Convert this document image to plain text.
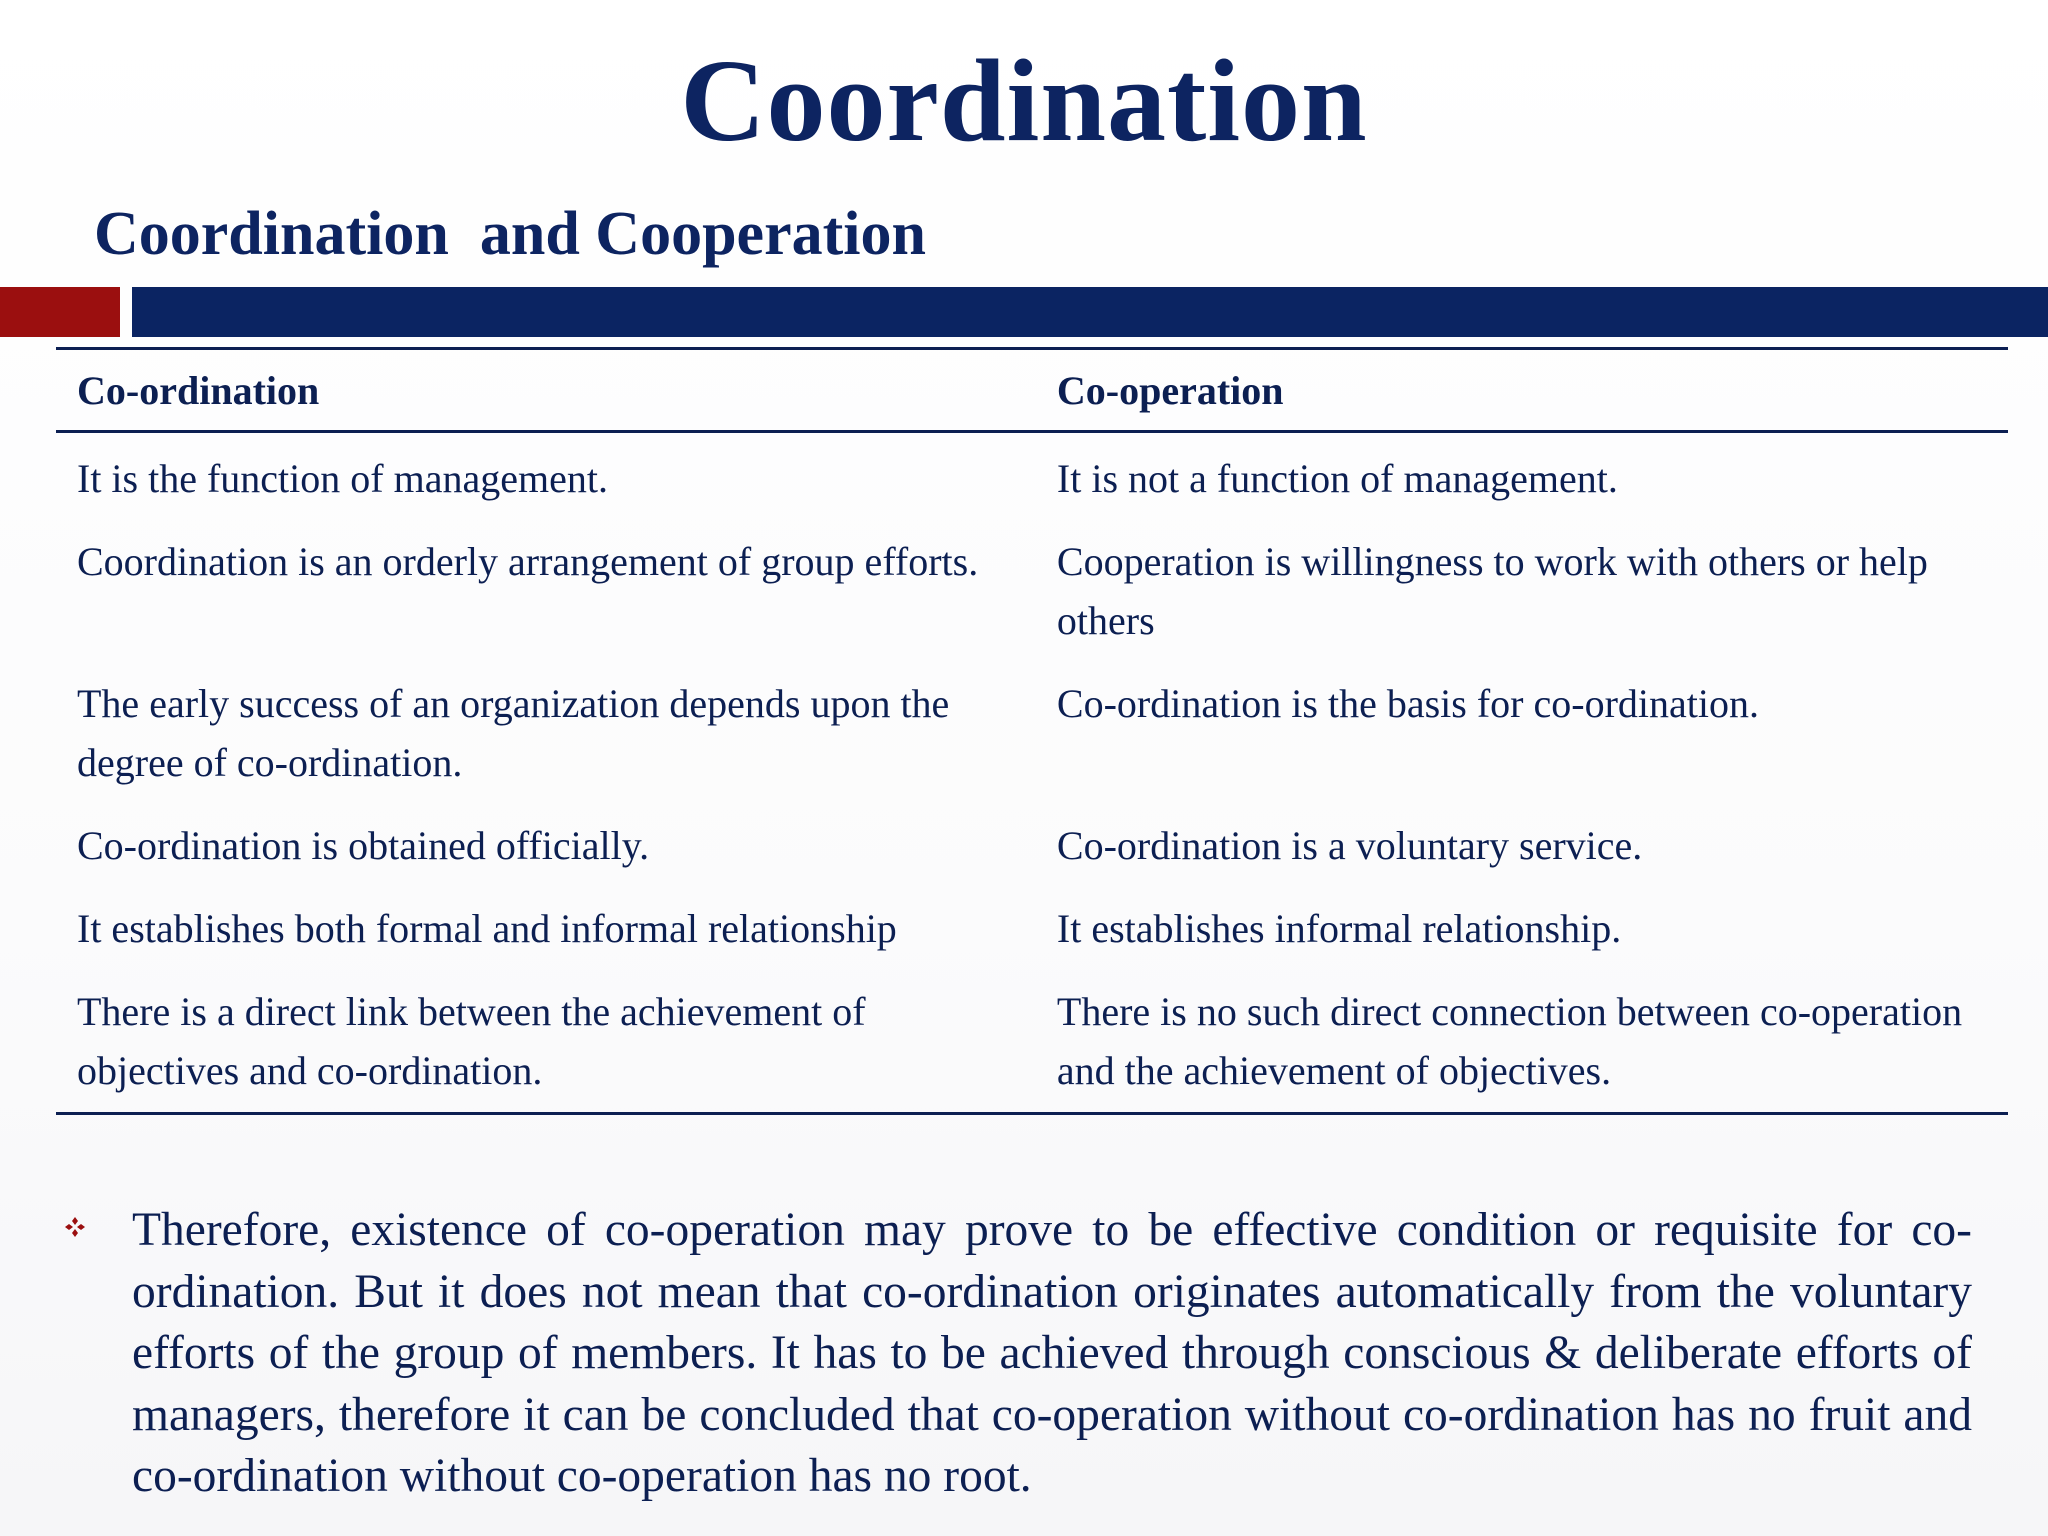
Coordination
Coordination  and Cooperation
Co-ordination	Co-operation
It is the function of management.	It is not a function of management.
Coordination is an orderly arrangement of group efforts.	Cooperation is willingness to work with others or help others
The early success of an organization depends upon the degree of co-ordination.	Co-ordination is the basis for co-ordination.
Co-ordination is obtained officially.	Co-ordination is a voluntary service.
It establishes both formal and informal relationship	It establishes informal relationship.
There is a direct link between the achievement of objectives and co-ordination.	There is no such direct connection between co-operation and the achievement of objectives.
Therefore, existence of co-operation may prove to be effective condition or requisite for co-ordination. But it does not mean that co-ordination originates automatically from the voluntary efforts of the group of members. It has to be achieved through conscious & deliberate efforts of managers, therefore it can be concluded that co-operation without co-ordination has no fruit and co-ordination without co-operation has no root.
